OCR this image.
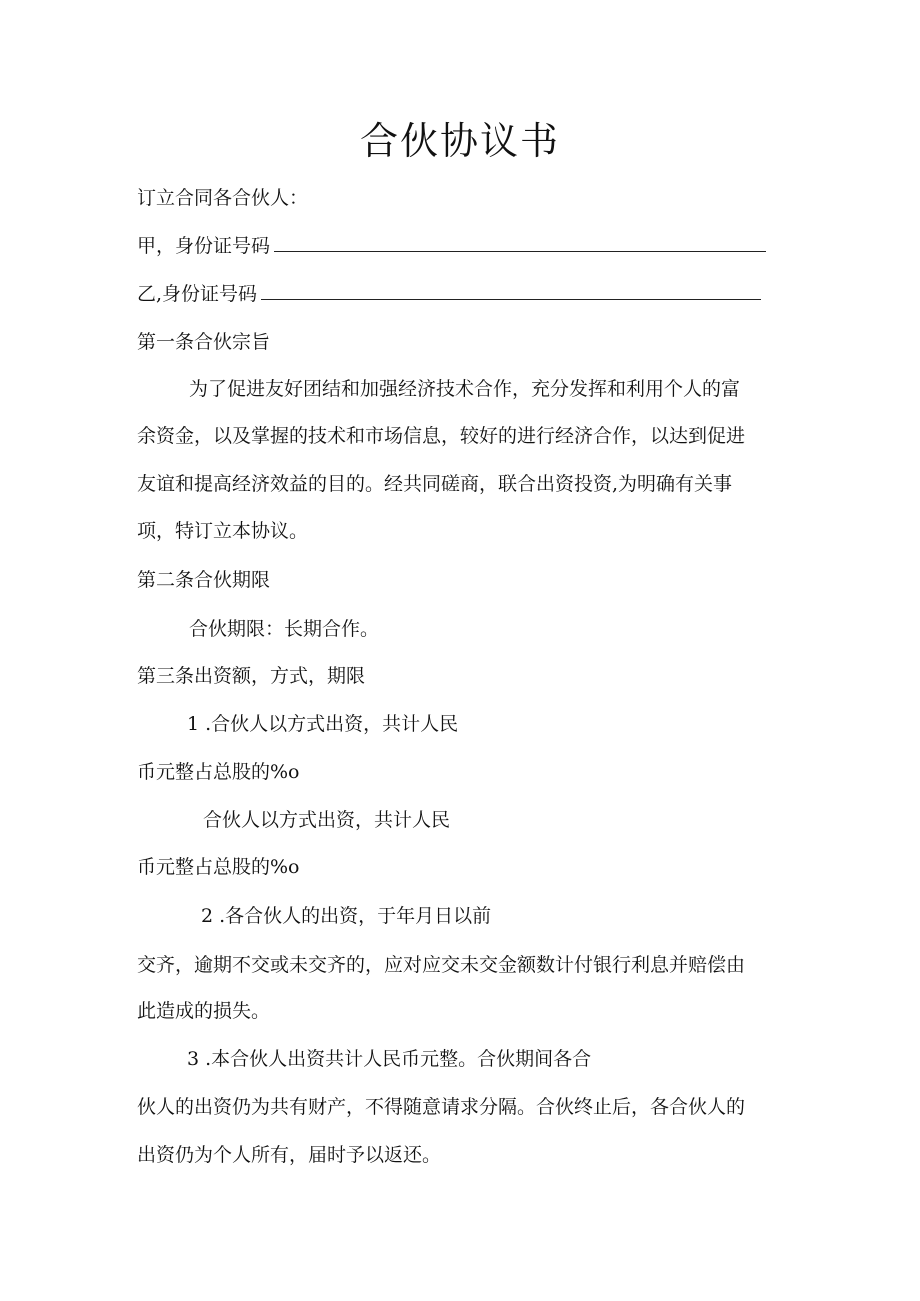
合伙协议书

订立合同各合伙人：

甲，身份证号码

乙,身份证号码

第一条合伙宗旨

为了促进友好团结和加强经济技术合作，充分发挥和利用个人的富

余资金，以及掌握的技术和市场信息，较好的进行经济合作，以达到促进

友谊和提高经济效益的目的。经共同磋商，联合出资投资,为明确有关事

项，特订立本协议。

第二条合伙期限

合伙期限：长期合作。

第三条出资额，方式，期限

1 .合伙人以方式出资，共计人民

币元整占总股的%o

合伙人以方式出资，共计人民

币元整占总股的%o

2 .各合伙人的出资，于年月日以前

交齐，逾期不交或未交齐的，应对应交未交金额数计付银行利息并赔偿由

此造成的损失。

3 .本合伙人出资共计人民币元整。合伙期间各合

伙人的出资仍为共有财产，不得随意请求分隔。合伙终止后，各合伙人的

出资仍为个人所有，届时予以返还。
